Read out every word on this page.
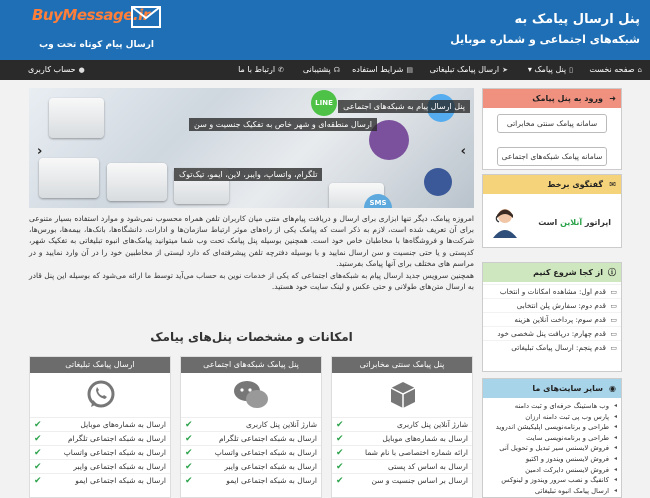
پنل ارسال پیامک به
شبکه‌های اجتماعی و شماره موبایل
BuyMessage.ir
ارسال پیام کوتاه تحت وب
⌂صفحه نخست
▯پنل پیامک ▾
➤ارسال پیامک تبلیغاتی
▤شرایط استفاده
☊پشتیبانی
✆ارتباط با ما
●حساب کاربری
LINE
SMS
پنل ارسال پیام به شبکه‌های اجتماعی
ارسال منطقه‌ای و شهر خاص به تفکیک جنسیت و سن
تلگرام، واتساپ، وایبر، لاین، ایمو، تیک‌توک
‹	›

امروزه پیامک، دیگر تنها ابزاری برای ارسال و دریافت پیام‌های متنی میان کاربران تلفن همراه محسوب نمی‌شود و موارد استفاده بسیار متنوعی برای آن تعریف شده است، لازم به ذکر است که پیامک یکی از راه‌های موثر ارتباط سازمان‌ها و ادارات، دانشگاه‌ها، بانک‌ها، بیمه‌ها، بورس‌ها، شرکت‌ها و فروشگاه‌ها با مخاطبان خاص خود است. همچنین بوسیله پنل پیامک تحت وب شما میتوانید پیامک‌های انبوه تبلیغاتی به تفکیک شهر، کدپستی و یا حتی جنسیت و سن ارسال نمایید و با بوسیله دفترچه تلفن پیشرفته‌ای که دارد لیستی از مخاطبین خود را در آن وارد نمایید و در مراسم های مختلف برای آنها پیامک بفرستید.

همچنین سرویس جدید ارسال پیام به شبکه‌های اجتماعی که یکی از خدمات نوین به حساب می‌آید توسط ما ارائه می‌شود که بوسیله این پنل قادر به ارسال متن‌های طولانی و حتی عکس و لینک سایت خود هستید.

امکانات و مشخصات پنل‌های پیامک
پنل پیامک سنتی مخابراتی
✔	شارژ آنلاین پنل کاربری
✔	ارسال به شماره‌های موبایل
✔	ارائه شماره اختصاصی با نام شما
✔	ارسال به اساس کد پستی
✔	ارسال بر اساس جنسیت و سن
پنل پیامک شبکه‌های اجتماعی
✔	شارژ آنلاین پنل کاربری
✔	ارسال به شبکه اجتماعی تلگرام
✔	ارسال به شبکه اجتماعی واتساپ
✔	ارسال به شبکه اجتماعی وایبر
✔	ارسال به شبکه اجتماعی ایمو
ارسال پیامک تبلیغاتی
✔	ارسال به شماره‌های موبایل
✔	ارسال به شبکه اجتماعی تلگرام
✔	ارسال به شبکه اجتماعی واتساپ
✔	ارسال به شبکه اجتماعی وایبر
✔	ارسال به شبکه اجتماعی ایمو
➜
ورود به پنل پیامک
سامانه پیامک سنتی مخابراتی
سامانه پیامک شبکه‌های اجتماعی
✉
گفتگوی برخط
اپراتور آنلاین است
ⓘ
از کجا شروع کنیم
▭
قدم اول: مشاهده امکانات و انتخاب
▭
قدم دوم: سفارش پلن انتخابی
▭
قدم سوم: پرداخت آنلاین هزینه
▭
قدم چهارم: دریافت پنل شخصی خود
▭
قدم پنجم: ارسال پیامک تبلیغاتی
◉
سایر سایت‌های ما
◂
وب هاستینگ حرفه‌ای و ثبت دامنه
◂
پارس وب پی ثبت دامنه ارزان
◂
طراحی و برنامه‌نویسی اپلیکیشن اندروید
◂
طراحی و برنامه‌نویسی سایت
◂
فروش لایسنس سیر تبدیل و تحویل آنی
◂
فروش لایسنس ویندوز و اکتیو
◂
فروش لایسنس دایرکت ادمین
◂
کانفیگ و نصب سرور ویندوز و لینوکس
◂
ارسال پیامک انبوه تبلیغاتی
